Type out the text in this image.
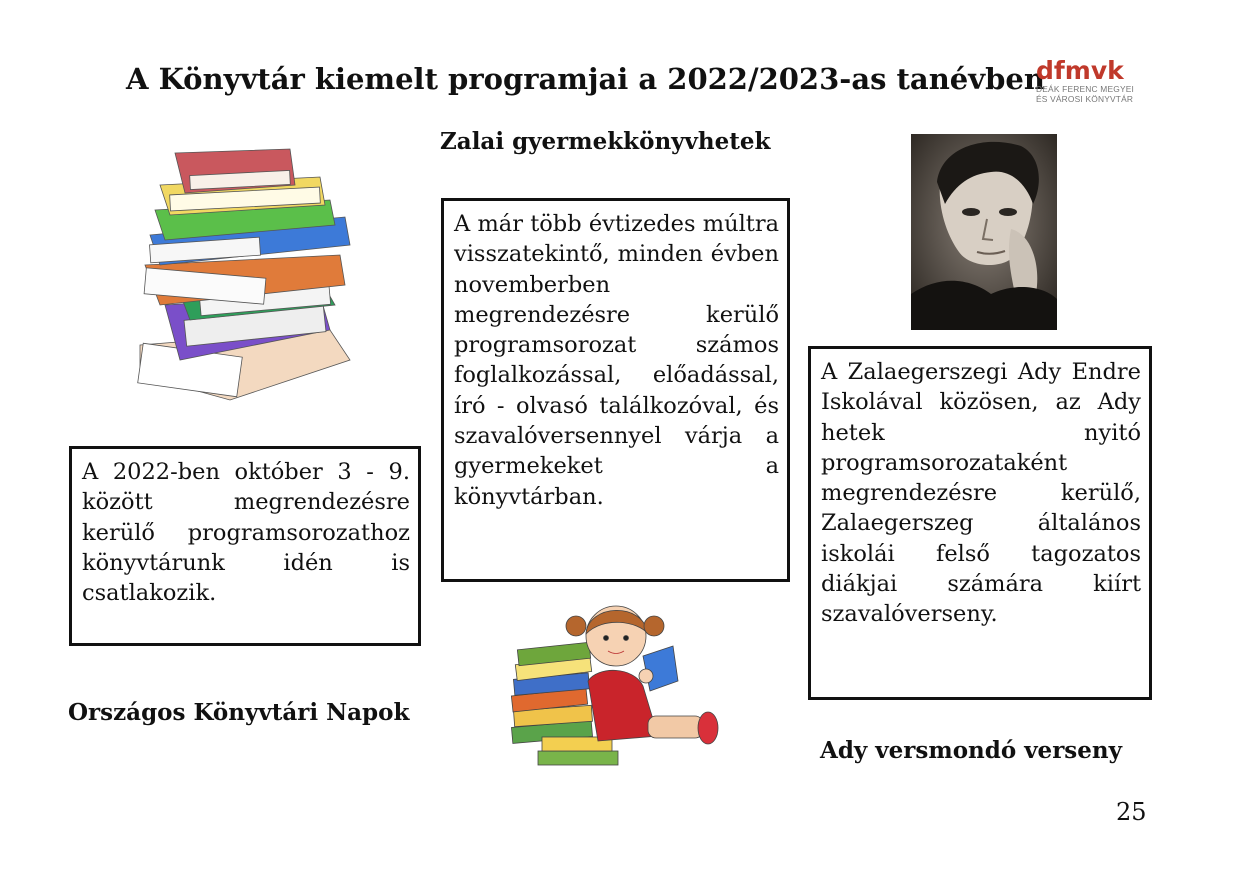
A Könyvtár kiemelt programjai a 2022/2023-as tanévben
dfmvk
DEÁK FERENC MEGYEI
ÉS VÁROSI KÖNYVTÁR
Zalai gyermekkönyvhetek
A már több évtizedes múltra visszatekintő, minden évben novemberben megrendezésre kerülő programsorozat számos foglalkozással, előadással, író - olvasó találkozóval, és szavalóversennyel várja a gyermekeket a könyvtárban.
A Zalaegerszegi Ady Endre Iskolával közösen, az Ady hetek nyitó programsorozataként megrendezésre kerülő, Zalaegerszeg általános iskolái felső tagozatos diákjai számára kiírt szavalóverseny.
Ady versmondó verseny
A 2022-ben október 3 - 9. között megrendezésre kerülő programsorozathoz könyvtárunk idén is csatlakozik.
Országos Könyvtári Napok
25
